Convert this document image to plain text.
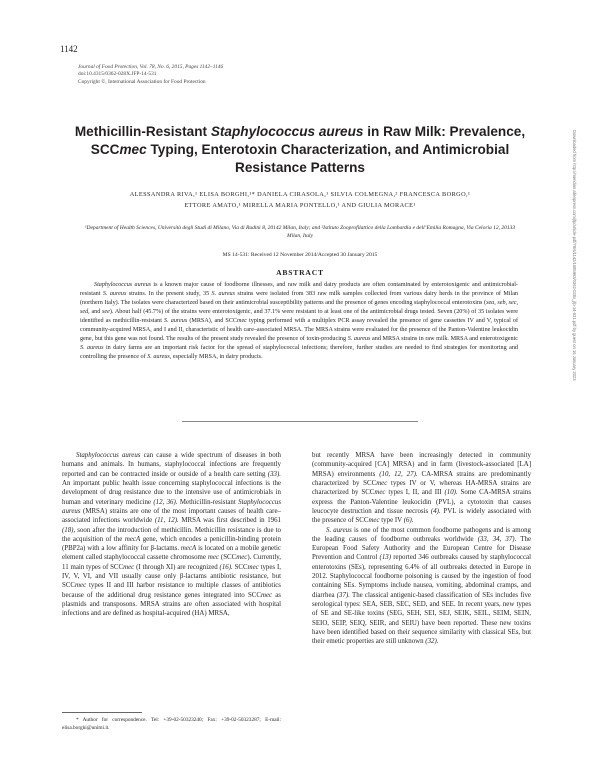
1142
Journal of Food Protection, Vol. 78, No. 6, 2015, Pages 1142–1146
doi:10.4315/0362-028X.JFP-14-531
Copyright ©, International Association for Food Protection
Methicillin-Resistant Staphylococcus aureus in Raw Milk: Prevalence, SCCmec Typing, Enterotoxin Characterization, and Antimicrobial Resistance Patterns
ALESSANDRA RIVA,¹ ELISA BORGHI,¹* DANIELA CIRASOLA,¹ SILVIA COLMEGNA,² FRANCESCA BORGO,¹
ETTORE AMATO,¹ MIRELLA MARIA PONTELLO,¹ AND GIULIA MORACE¹
¹Department of Health Sciences, Università degli Studi di Milano, Via di Rudinì 8, 20142 Milan, Italy; and ²Istituto Zooprofilattico della Lombardia e dell’Emilia Romagna, Via Celoria 12, 20133 Milan, Italy
MS 14-531: Received 12 November 2014/Accepted 30 January 2015
ABSTRACT
Staphylococcus aureus is a known major cause of foodborne illnesses, and raw milk and dairy products are often contaminated by enterotoxigenic and antimicrobial-resistant S. aureus strains. In the present study, 35 S. aureus strains were isolated from 383 raw milk samples collected from various dairy herds in the province of Milan (northern Italy). The isolates were characterized based on their antimicrobial susceptibility patterns and the presence of genes encoding staphylococcal enterotoxins (sea, seb, sec, sed, and see). About half (45.7%) of the strains were enterotoxigenic, and 37.1% were resistant to at least one of the antimicrobial drugs tested. Seven (20%) of 35 isolates were identified as methicillin-resistant S. aureus (MRSA), and SCCmec typing performed with a multiplex PCR assay revealed the presence of gene cassettes IV and V, typical of community-acquired MRSA, and I and II, characteristic of health care–associated MRSA. The MRSA strains were evaluated for the presence of the Panton-Valentine leukocidin gene, but this gene was not found. The results of the present study revealed the presence of toxin-producing S. aureus and MRSA strains in raw milk. MRSA and enterotoxigenic S. aureus in dairy farms are an important risk factor for the spread of staphylococcal infections; therefore, further studies are needed to find strategies for monitoring and controlling the presence of S. aureus, especially MRSA, in dairy products.

Staphylococcus aureus can cause a wide spectrum of diseases in both humans and animals. In humans, staphylococcal infections are frequently reported and can be contracted inside or outside of a health care setting (33). An important public health issue concerning staphylococcal infections is the development of drug resistance due to the intensive use of antimicrobials in human and veterinary medicine (12, 36). Methicillin-resistant Staphylococcus aureus (MRSA) strains are one of the most important causes of health care–associated infections worldwide (11, 12). MRSA was first described in 1961 (18), soon after the introduction of methicillin. Methicillin resistance is due to the acquisition of the mecA gene, which encodes a penicillin-binding protein (PBP2a) with a low affinity for β-lactams. mecA is located on a mobile genetic element called staphylococcal cassette chromosome mec (SCCmec). Currently, 11 main types of SCCmec (I through XI) are recognized (16). SCCmec types I, IV, V, VI, and VII usually cause only β-lactams antibiotic resistance, but SCCmec types II and III harbor resistance to multiple classes of antibiotics because of the additional drug resistance genes integrated into SCCmec as plasmids and transposons. MRSA strains are often associated with hospital infections and are defined as hospital-acquired (HA) MRSA,

* Author for correspondence. Tel: +39-02-50323240; Fax: +39-02-50323287; E-mail: elisa.borghi@unimi.it.

but recently MRSA have been increasingly detected in community (community-acquired [CA] MRSA) and in farm (livestock-associated [LA] MRSA) environments (10, 12, 27). CA-MRSA strains are predominantly characterized by SCCmec types IV or V, whereas HA-MRSA strains are characterized by SCCmec types I, II, and III (10). Some CA-MRSA strains express the Panton-Valentine leukocidin (PVL), a cytotoxin that causes leucocyte destruction and tissue necrosis (4). PVL is widely associated with the presence of SCCmec type IV (6).

S. aureus is one of the most common foodborne pathogens and is among the leading causes of foodborne outbreaks worldwide (33, 34, 37). The European Food Safety Authority and the European Centre for Disease Prevention and Control (13) reported 346 outbreaks caused by staphylococcal enterotoxins (SEs), representing 6.4% of all outbreaks detected in Europe in 2012. Staphylococcal foodborne poisoning is caused by the ingestion of food containing SEs. Symptoms include nausea, vomiting, abdominal cramps, and diarrhea (37). The classical antigenic-based classification of SEs includes five serological types: SEA, SEB, SEC, SED, and SEE. In recent years, new types of SE and SE-like toxins (SEG, SEH, SEI, SEJ, SEIK, SEIL, SEIM, SEIN, SEIO, SEIP, SEIQ, SEIR, and SEIU) have been reported. These new toxins have been identified based on their sequence similarity with classical SEs, but their emetic properties are still unknown (32).

Downloaded from http://meridian.allenpress.com/jfp/article-pdf/78/6/1142/1685963/0362-028x_jfp-14-531.pdf by guest on 16 January 2023
